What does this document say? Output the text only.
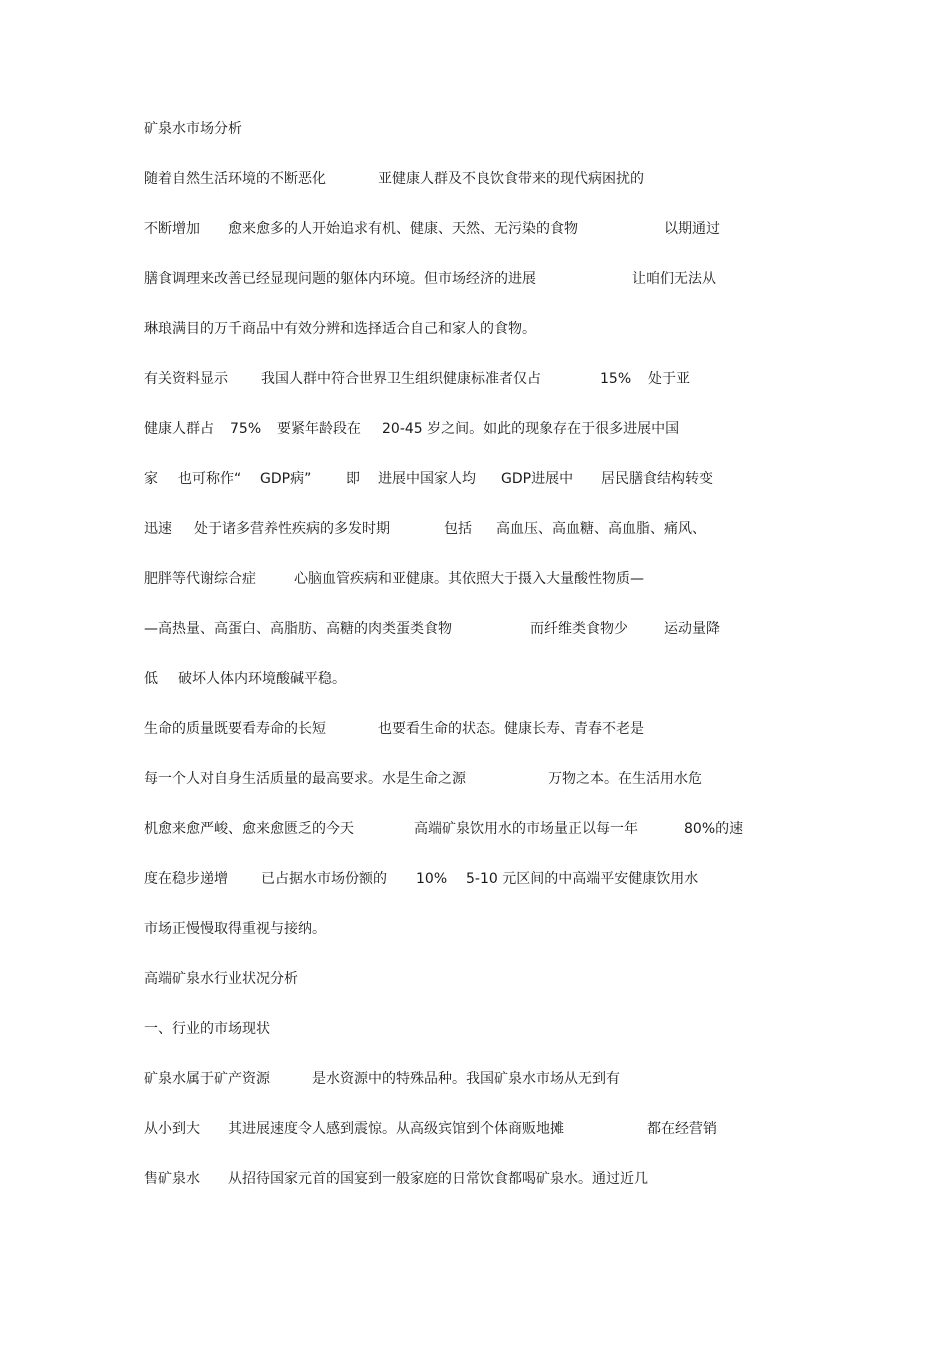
矿泉水市场分析
随着自然生活环境的不断恶化	亚健康人群及不良饮食带来的现代病困扰的
不断增加 愈来愈多的人开始追求有机、健康、天然、无污染的食物	以期通过
膳食调理来改善已经显现问题的躯体内环境。但市场经济的进展	让咱们无法从
琳琅满目的万千商品中有效分辨和选择适合自己和家人的食物。
有关资料显示 我国人群中符合世界卫生组织健康标准者仅占	15% 处于亚
健康人群占 75% 要紧年龄段在 20-45 岁之间。如此的现象存在于很多进展中国
家 也可称作“ GDP病” 即 进展中国家人均 GDP进展中 居民膳食结构转变
迅速 处于诸多营养性疾病的多发时期	包括 高血压、高血糖、高血脂、痛风、
肥胖等代谢综合症	心脑血管疾病和亚健康。其依照大于摄入大量酸性物质—
—高热量、高蛋白、高脂肪、高糖的肉类蛋类食物	而纤维类食物少	运动量降
低 破坏人体内环境酸碱平稳。
生命的质量既要看寿命的长短	也要看生命的状态。健康长寿、青春不老是
每一个人对自身生活质量的最高要求。水是生命之源	万物之本。在生活用水危
机愈来愈严峻、愈来愈匮乏的今天	高端矿泉饮用水的市场量正以每一年	80%的速
度在稳步递增 已占据水市场份额的 10% 5-10 元区间的中高端平安健康饮用水
市场正慢慢取得重视与接纳。
高端矿泉水行业状况分析
一、行业的市场现状
矿泉水属于矿产资源	是水资源中的特殊品种。我国矿泉水市场从无到有
从小到大 其进展速度令人感到震惊。从高级宾馆到个体商贩地摊	都在经营销
售矿泉水 从招待国家元首的国宴到一般家庭的日常饮食都喝矿泉水。通过近几
